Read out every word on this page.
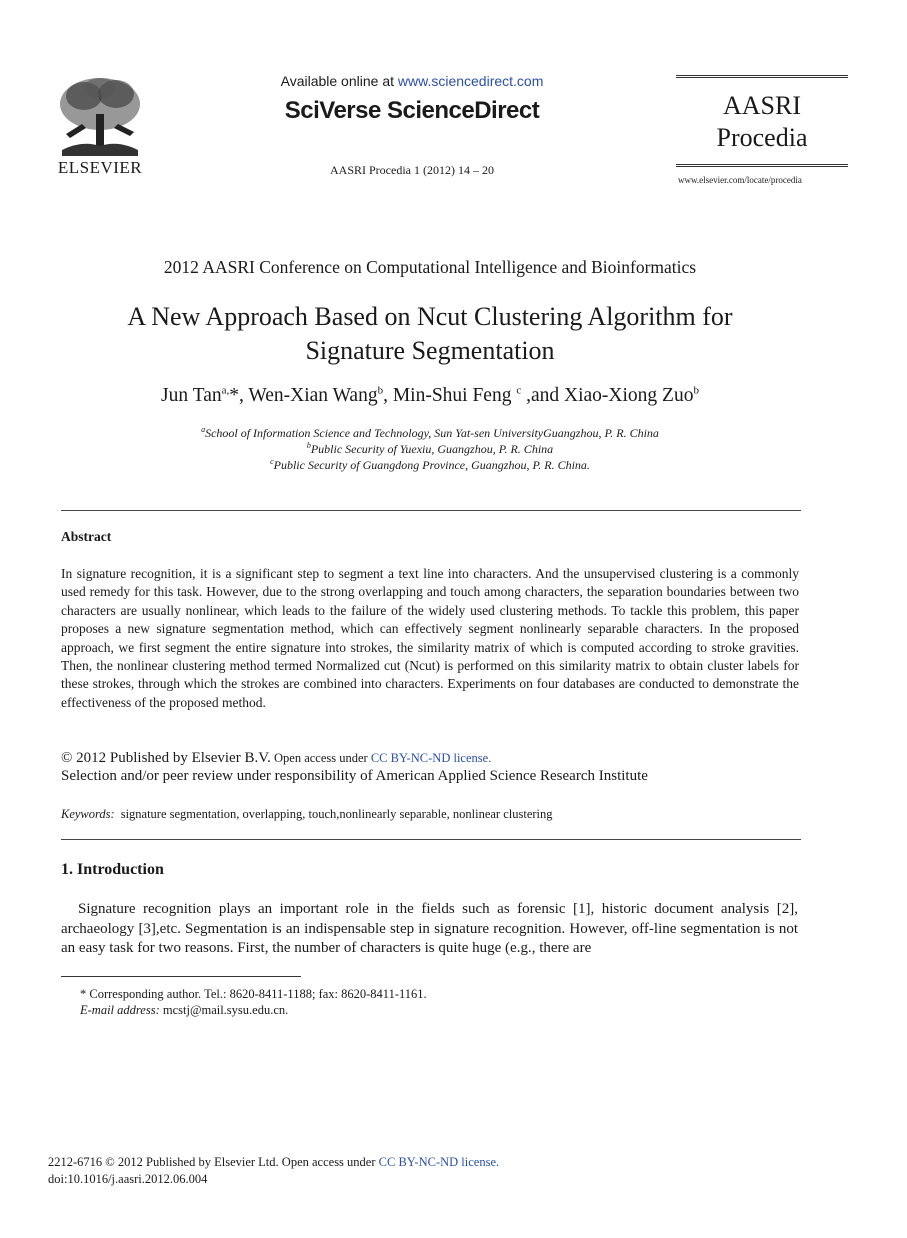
ELSEVIER
Available online at www.sciencedirect.com
SciVerse ScienceDirect
AASRI Procedia 1 (2012) 14 – 20
AASRI
Procedia
www.elsevier.com/locate/procedia
2012 AASRI Conference on Computational Intelligence and Bioinformatics
A New Approach Based on Ncut Clustering Algorithm for
Signature Segmentation
Jun Tan$^{a,}$*, Wen-Xian Wang$^b$, Min-Shui Feng $^c$ ,and Xiao-Xiong Zuo$^b$
$^a$School of Information Science and Technology, Sun Yat-sen UniversityGuangzhou, P. R. China
$^b$Public Security of Yuexiu, Guangzhou, P. R. China
$^c$Public Security of Guangdong Province, Guangzhou, P. R. China.
Abstract
In signature recognition, it is a significant step to segment a text line into characters. And the unsupervised clustering is a commonly used remedy for this task. However, due to the strong overlapping and touch among characters, the separation boundaries between two characters are usually nonlinear, which leads to the failure of the widely used clustering methods. To tackle this problem, this paper proposes a new signature segmentation method, which can effectively segment nonlinearly separable characters. In the proposed approach, we first segment the entire signature into strokes, the similarity matrix of which is computed according to stroke gravities. Then, the nonlinear clustering method termed Normalized cut (Ncut) is performed on this similarity matrix to obtain cluster labels for these strokes, through which the strokes are combined into characters. Experiments on four databases are conducted to demonstrate the effectiveness of the proposed method.
© 2012 Published by Elsevier B.V. Open access under CC BY-NC-ND license.
Selection and/or peer review under responsibility of American Applied Science Research Institute
Keywords: signature segmentation, overlapping, touch,nonlinearly separable, nonlinear clustering
1. Introduction
Signature recognition plays an important role in the fields such as forensic [1], historic document analysis [2], archaeology [3],etc. Segmentation is an indispensable step in signature recognition. However, off-line segmentation is not an easy task for two reasons. First, the number of characters is quite huge (e.g., there are
* Corresponding author. Tel.: 8620-8411-1188; fax: 8620-8411-1161.
E-mail address: mcstj@mail.sysu.edu.cn.
2212-6716 © 2012 Published by Elsevier Ltd. Open access under CC BY-NC-ND license.
doi:10.1016/j.aasri.2012.06.004
